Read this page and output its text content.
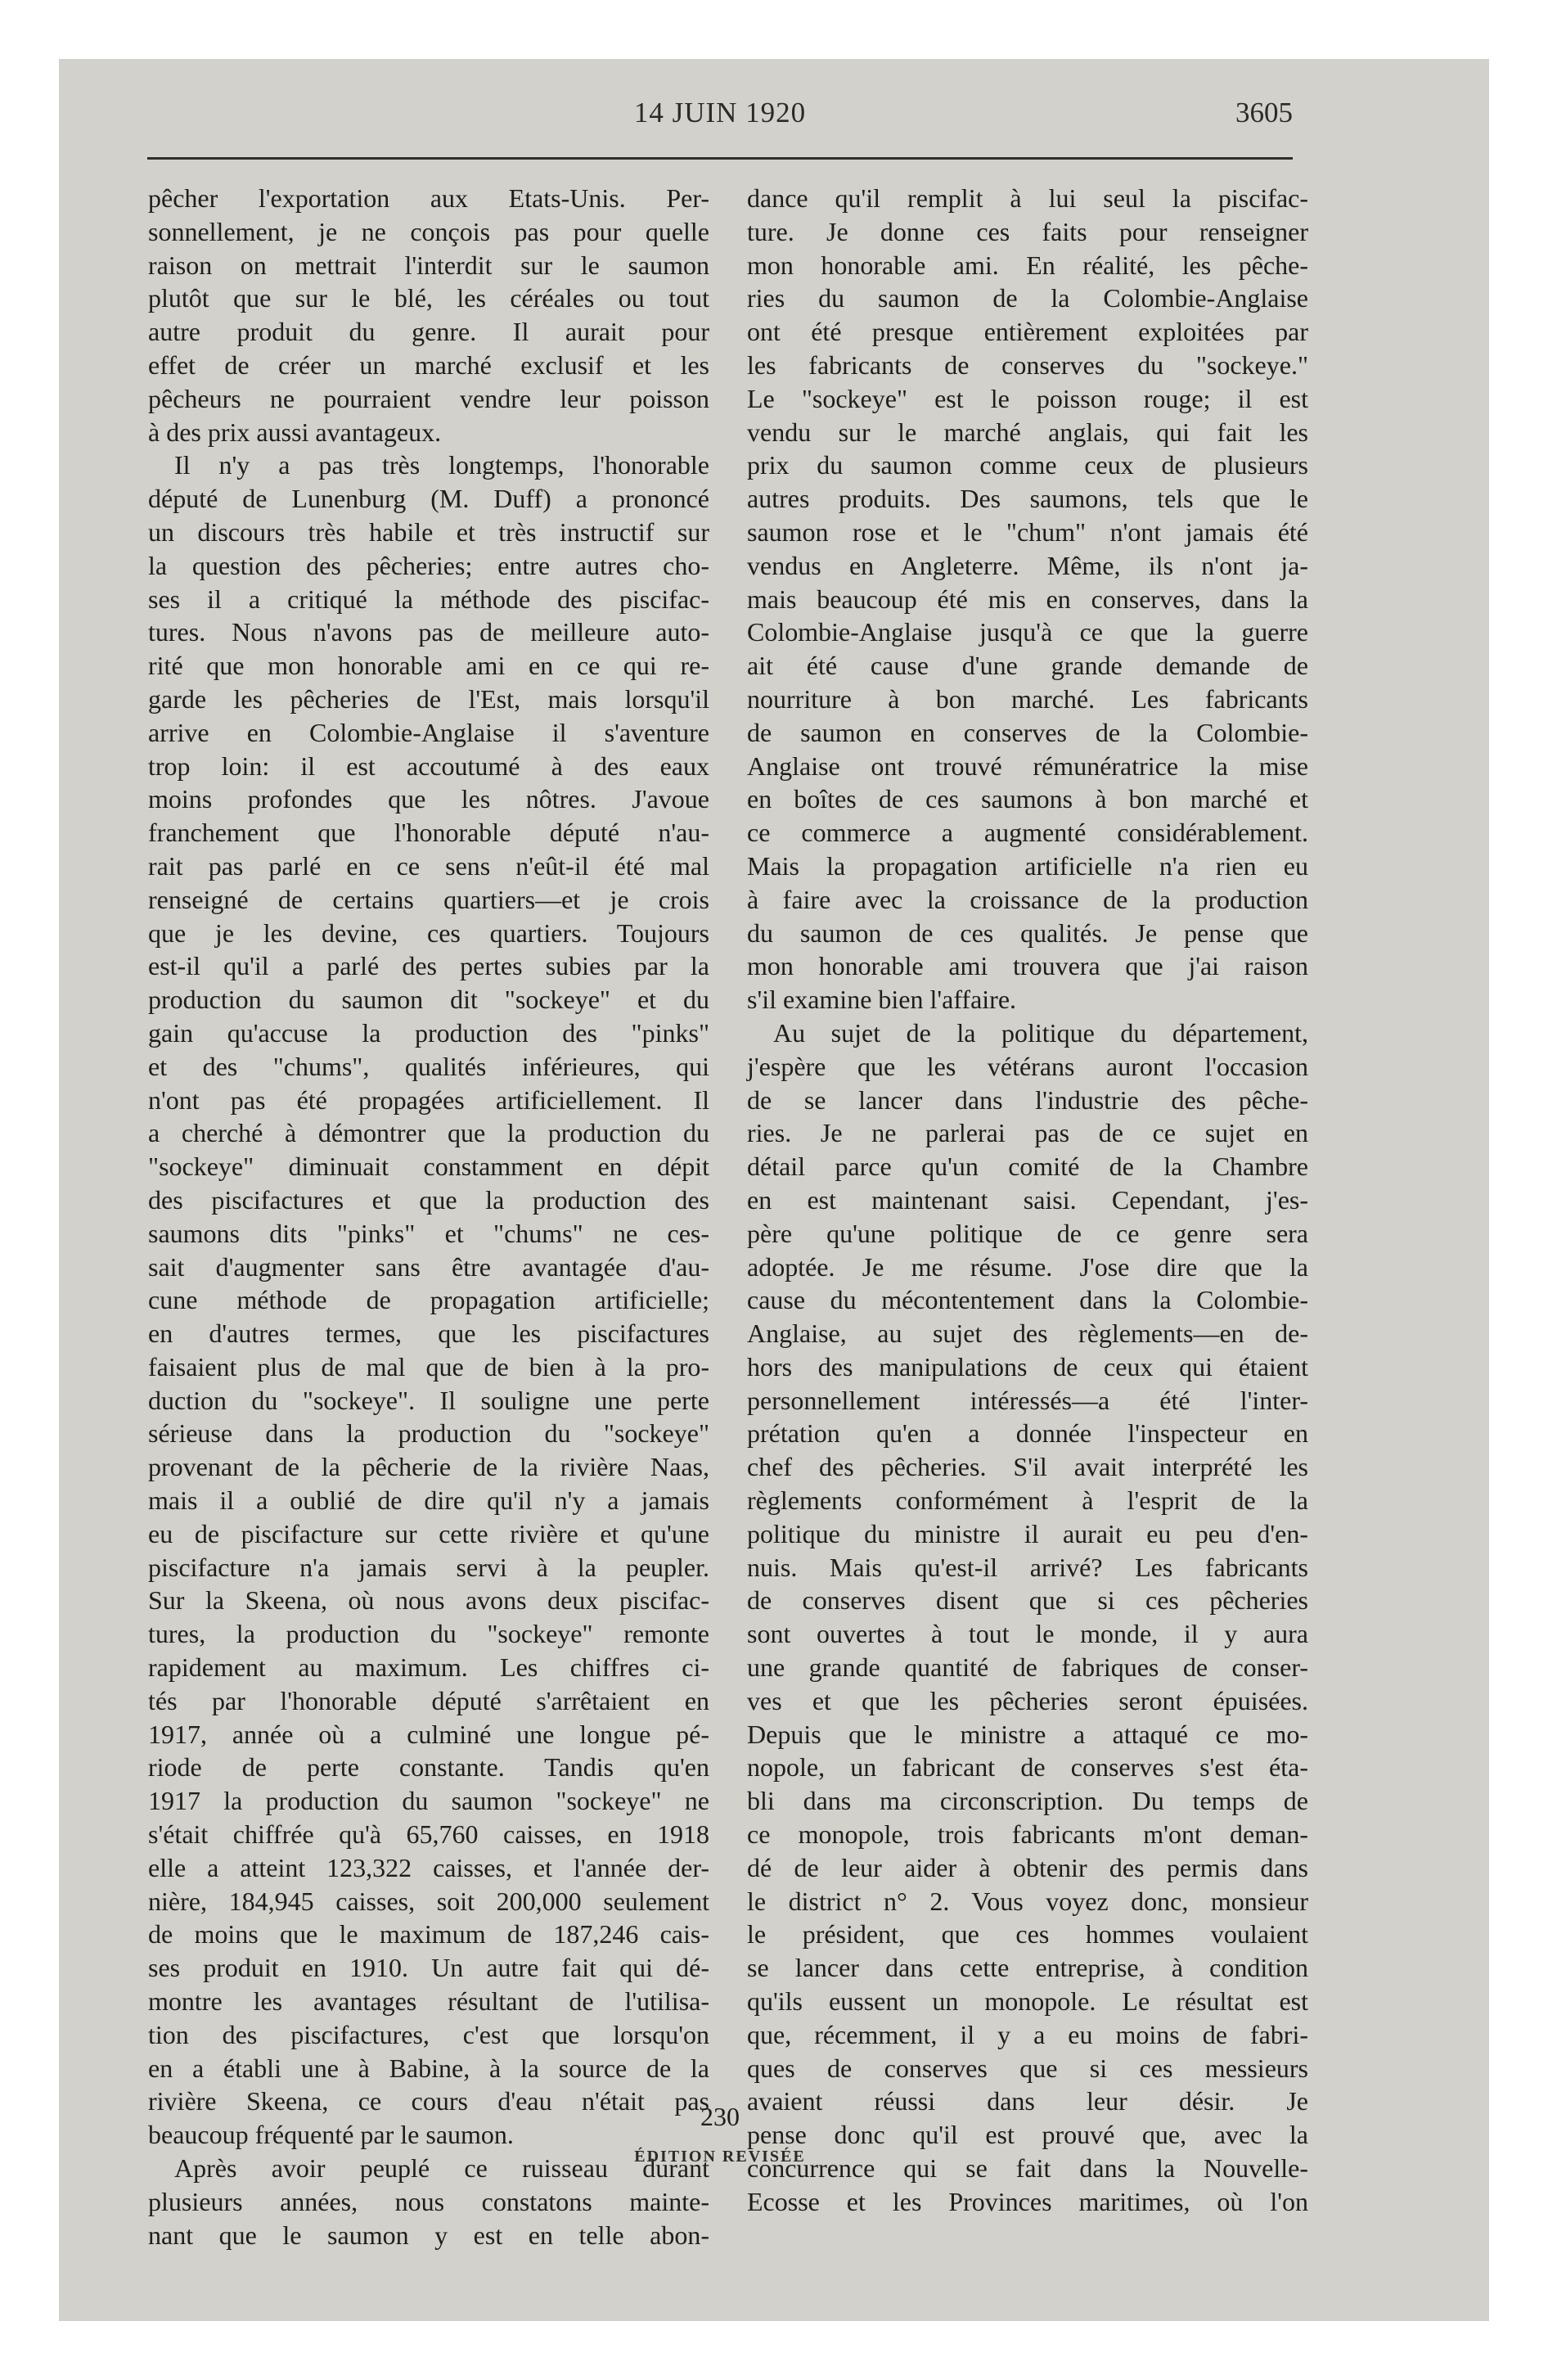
14 JUIN 1920	3605
pêcher l'exportation aux Etats-Unis. Per-
sonnellement, je ne conçois pas pour quelle
raison on mettrait l'interdit sur le saumon
plutôt que sur le blé, les céréales ou tout
autre produit du genre. Il aurait pour
effet de créer un marché exclusif et les
pêcheurs ne pourraient vendre leur poisson
à des prix aussi avantageux.
Il n'y a pas très longtemps, l'honorable
député de Lunenburg (M. Duff) a prononcé
un discours très habile et très instructif sur
la question des pêcheries; entre autres cho-
ses il a critiqué la méthode des piscifac-
tures. Nous n'avons pas de meilleure auto-
rité que mon honorable ami en ce qui re-
garde les pêcheries de l'Est, mais lorsqu'il
arrive en Colombie-Anglaise il s'aventure
trop loin: il est accoutumé à des eaux
moins profondes que les nôtres. J'avoue
franchement que l'honorable député n'au-
rait pas parlé en ce sens n'eût-il été mal
renseigné de certains quartiers—et je crois
que je les devine, ces quartiers. Toujours
est-il qu'il a parlé des pertes subies par la
production du saumon dit "sockeye" et du
gain qu'accuse la production des "pinks"
et des "chums", qualités inférieures, qui
n'ont pas été propagées artificiellement. Il
a cherché à démontrer que la production du
"sockeye" diminuait constamment en dépit
des piscifactures et que la production des
saumons dits "pinks" et "chums" ne ces-
sait d'augmenter sans être avantagée d'au-
cune méthode de propagation artificielle;
en d'autres termes, que les piscifactures
faisaient plus de mal que de bien à la pro-
duction du "sockeye". Il souligne une perte
sérieuse dans la production du "sockeye"
provenant de la pêcherie de la rivière Naas,
mais il a oublié de dire qu'il n'y a jamais
eu de piscifacture sur cette rivière et qu'une
piscifacture n'a jamais servi à la peupler.
Sur la Skeena, où nous avons deux piscifac-
tures, la production du "sockeye" remonte
rapidement au maximum. Les chiffres ci-
tés par l'honorable député s'arrêtaient en
1917, année où a culminé une longue pé-
riode de perte constante. Tandis qu'en
1917 la production du saumon "sockeye" ne
s'était chiffrée qu'à 65,760 caisses, en 1918
elle a atteint 123,322 caisses, et l'année der-
nière, 184,945 caisses, soit 200,000 seulement
de moins que le maximum de 187,246 cais-
ses produit en 1910. Un autre fait qui dé-
montre les avantages résultant de l'utilisa-
tion des piscifactures, c'est que lorsqu'on
en a établi une à Babine, à la source de la
rivière Skeena, ce cours d'eau n'était pas
beaucoup fréquenté par le saumon.
Après avoir peuplé ce ruisseau durant
plusieurs années, nous constatons mainte-
nant que le saumon y est en telle abon-
dance qu'il remplit à lui seul la piscifac-
ture. Je donne ces faits pour renseigner
mon honorable ami. En réalité, les pêche-
ries du saumon de la Colombie-Anglaise
ont été presque entièrement exploitées par
les fabricants de conserves du "sockeye."
Le "sockeye" est le poisson rouge; il est
vendu sur le marché anglais, qui fait les
prix du saumon comme ceux de plusieurs
autres produits. Des saumons, tels que le
saumon rose et le "chum" n'ont jamais été
vendus en Angleterre. Même, ils n'ont ja-
mais beaucoup été mis en conserves, dans la
Colombie-Anglaise jusqu'à ce que la guerre
ait été cause d'une grande demande de
nourriture à bon marché. Les fabricants
de saumon en conserves de la Colombie-
Anglaise ont trouvé rémunératrice la mise
en boîtes de ces saumons à bon marché et
ce commerce a augmenté considérablement.
Mais la propagation artificielle n'a rien eu
à faire avec la croissance de la production
du saumon de ces qualités. Je pense que
mon honorable ami trouvera que j'ai raison
s'il examine bien l'affaire.
Au sujet de la politique du département,
j'espère que les vétérans auront l'occasion
de se lancer dans l'industrie des pêche-
ries. Je ne parlerai pas de ce sujet en
détail parce qu'un comité de la Chambre
en est maintenant saisi. Cependant, j'es-
père qu'une politique de ce genre sera
adoptée. Je me résume. J'ose dire que la
cause du mécontentement dans la Colombie-
Anglaise, au sujet des règlements—en de-
hors des manipulations de ceux qui étaient
personnellement intéressés—a été l'inter-
prétation qu'en a donnée l'inspecteur en
chef des pêcheries. S'il avait interprété les
règlements conformément à l'esprit de la
politique du ministre il aurait eu peu d'en-
nuis. Mais qu'est-il arrivé? Les fabricants
de conserves disent que si ces pêcheries
sont ouvertes à tout le monde, il y aura
une grande quantité de fabriques de conser-
ves et que les pêcheries seront épuisées.
Depuis que le ministre a attaqué ce mo-
nopole, un fabricant de conserves s'est éta-
bli dans ma circonscription. Du temps de
ce monopole, trois fabricants m'ont deman-
dé de leur aider à obtenir des permis dans
le district n° 2. Vous voyez donc, monsieur
le président, que ces hommes voulaient
se lancer dans cette entreprise, à condition
qu'ils eussent un monopole. Le résultat est
que, récemment, il y a eu moins de fabri-
ques de conserves que si ces messieurs
avaient réussi dans leur désir. Je
pense donc qu'il est prouvé que, avec la
concurrence qui se fait dans la Nouvelle-
Ecosse et les Provinces maritimes, où l'on
230
ÉDITION REVISÉE
